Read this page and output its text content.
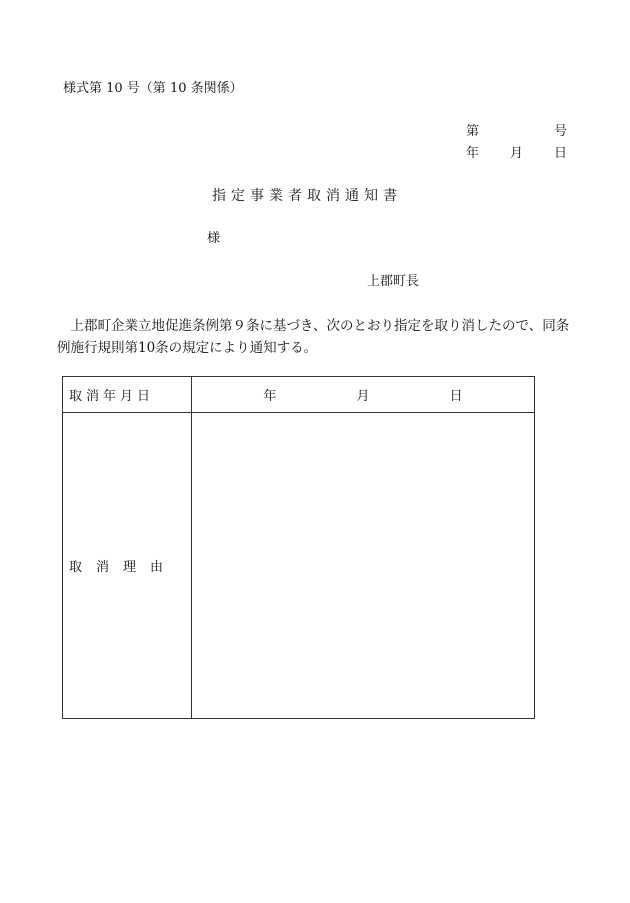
様式第 10 号（第 10 条関係）
第	号
年 月 日
指定事業者取消通知書
様
上郡町長
　上郡町企業立地促進条例第９条に基づき、次のとおり指定を取り消したので、同条例施行規則第10条の規定により通知する。
取消年月日	年 月 日
取消理由	
